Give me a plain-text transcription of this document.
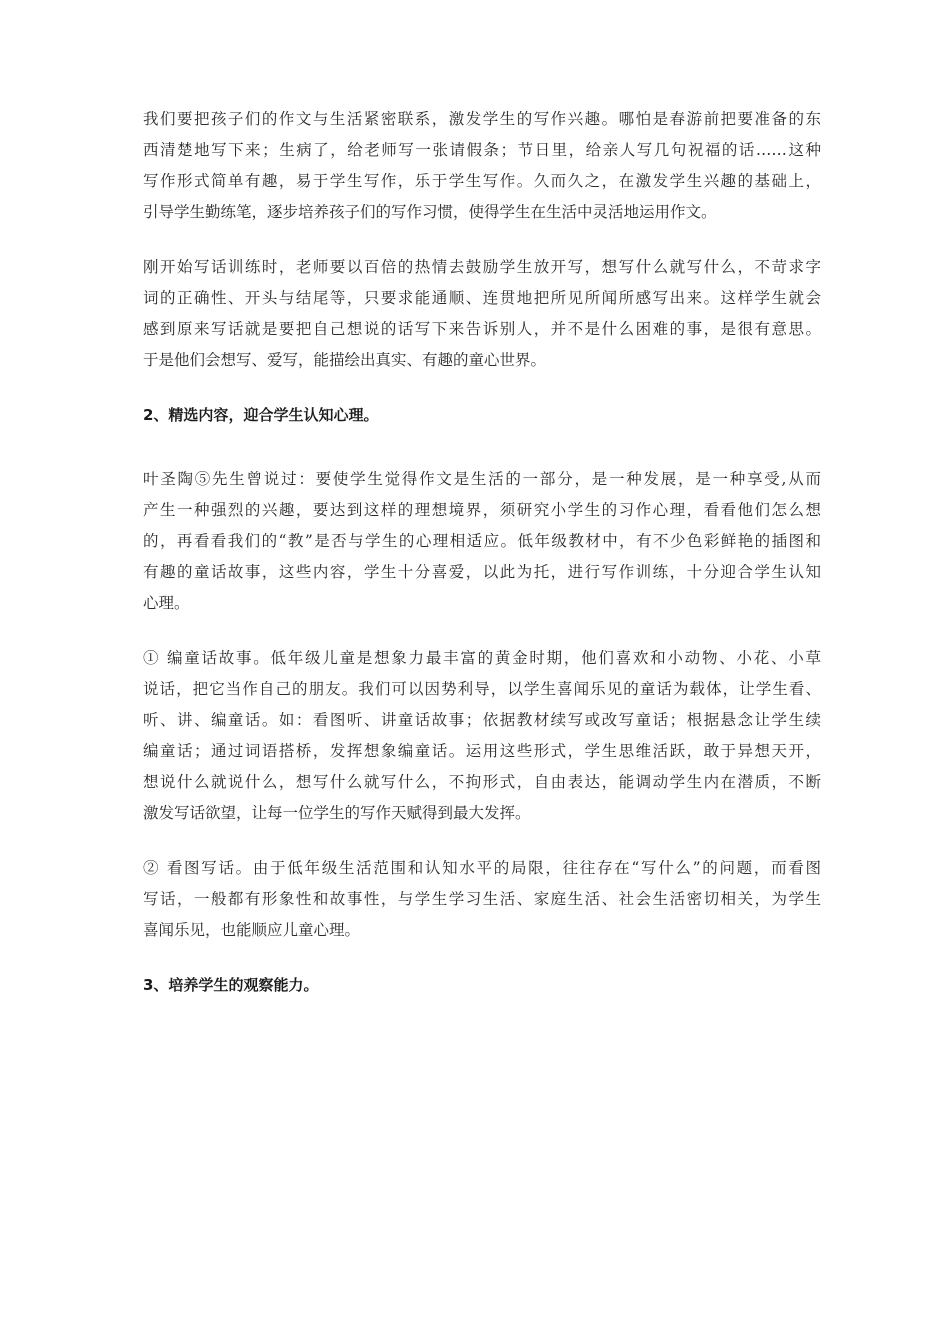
我们要把孩子们的作文与生活紧密联系，激发学生的写作兴趣。哪怕是春游前把要准备的东
西清楚地写下来；生病了，给老师写一张请假条；节日里，给亲人写几句祝福的话……这种
写作形式简单有趣，易于学生写作，乐于学生写作。久而久之，在激发学生兴趣的基础上，
引导学生勤练笔，逐步培养孩子们的写作习惯，使得学生在生活中灵活地运用作文。
刚开始写话训练时，老师要以百倍的热情去鼓励学生放开写，想写什么就写什么，不苛求字
词的正确性、开头与结尾等，只要求能通顺、连贯地把所见所闻所感写出来。这样学生就会
感到原来写话就是要把自己想说的话写下来告诉别人，并不是什么困难的事，是很有意思。
于是他们会想写、爱写，能描绘出真实、有趣的童心世界。
2、精选内容，迎合学生认知心理。
叶圣陶⑤先生曾说过：要使学生觉得作文是生活的一部分，是一种发展，是一种享受,从而
产生一种强烈的兴趣，要达到这样的理想境界，须研究小学生的习作心理，看看他们怎么想
的，再看看我们的“教”是否与学生的心理相适应。低年级教材中，有不少色彩鲜艳的插图和
有趣的童话故事，这些内容，学生十分喜爱，以此为托，进行写作训练，十分迎合学生认知
心理。
① 编童话故事。低年级儿童是想象力最丰富的黄金时期，他们喜欢和小动物、小花、小草
说话，把它当作自己的朋友。我们可以因势利导，以学生喜闻乐见的童话为载体，让学生看、
听、讲、编童话。如：看图听、讲童话故事；依据教材续写或改写童话；根据悬念让学生续
编童话；通过词语搭桥，发挥想象编童话。运用这些形式，学生思维活跃，敢于异想天开，
想说什么就说什么，想写什么就写什么，不拘形式，自由表达，能调动学生内在潜质，不断
激发写话欲望，让每一位学生的写作天赋得到最大发挥。
② 看图写话。由于低年级生活范围和认知水平的局限，往往存在“写什么”的问题，而看图
写话，一般都有形象性和故事性，与学生学习生活、家庭生活、社会生活密切相关，为学生
喜闻乐见，也能顺应儿童心理。
3、培养学生的观察能力。
